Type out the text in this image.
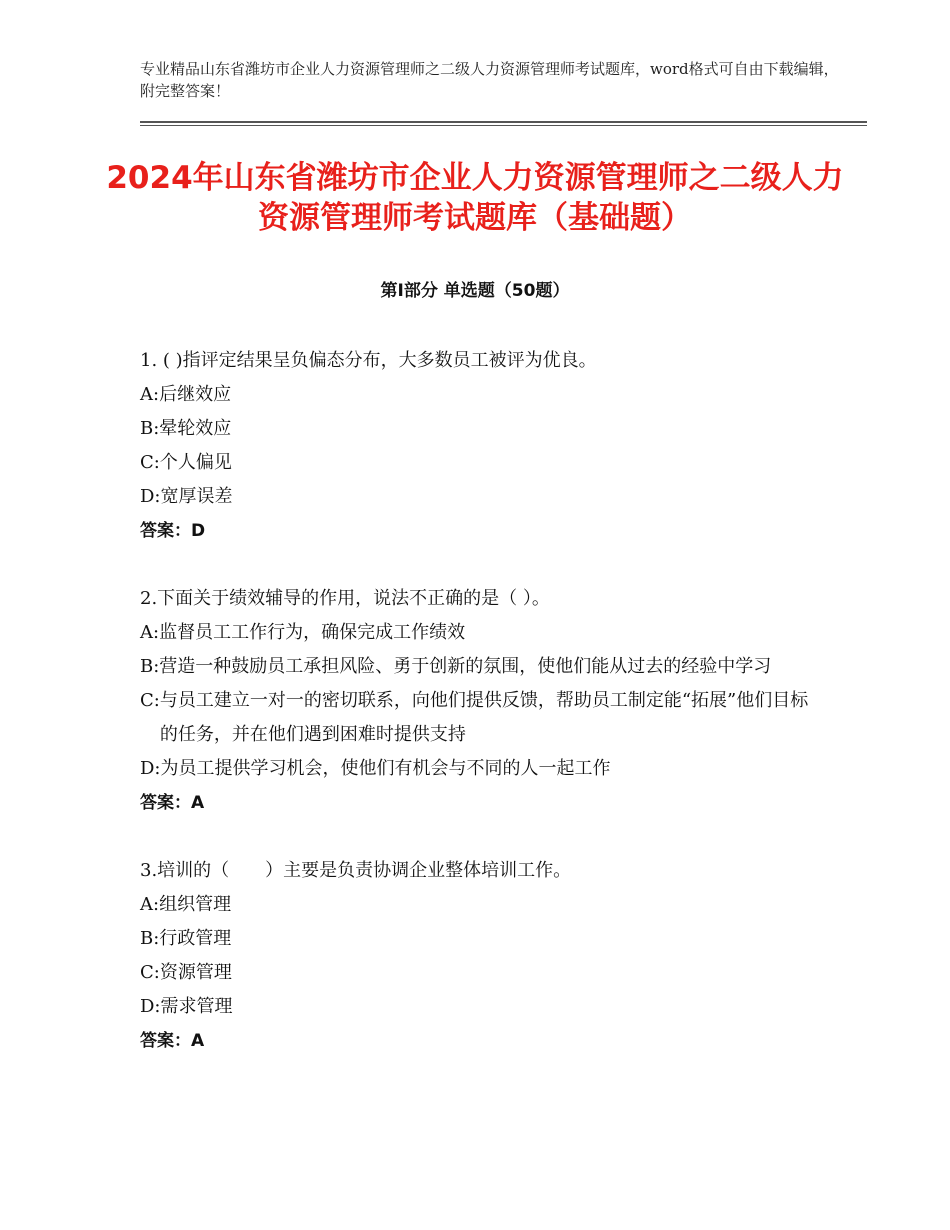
专业精品山东省潍坊市企业人力资源管理师之二级人力资源管理师考试题库，word格式可自由下载编辑，附完整答案！
2024年山东省潍坊市企业人力资源管理师之二级人力资源管理师考试题库（基础题）
第Ⅰ部分 单选题（50题）
1. ( )指评定结果呈负偏态分布，大多数员工被评为优良。
A: 后继效应
B: 晕轮效应
C: 个人偏见
D: 宽厚误差
答案：D
2.下面关于绩效辅导的作用，说法不正确的是（ ）。
A: 监督员工工作行为，确保完成工作绩效
B: 营造一种鼓励员工承担风险、勇于创新的氛围，使他们能从过去的经验中学习
C: 与员工建立一对一的密切联系，向他们提供反馈，帮助员工制定能“拓展”他们目标的任务，并在他们遇到困难时提供支持
D: 为员工提供学习机会，使他们有机会与不同的人一起工作
答案：A
3.培训的（　　）主要是负责协调企业整体培训工作。
A: 组织管理
B: 行政管理
C: 资源管理
D: 需求管理
答案：A
